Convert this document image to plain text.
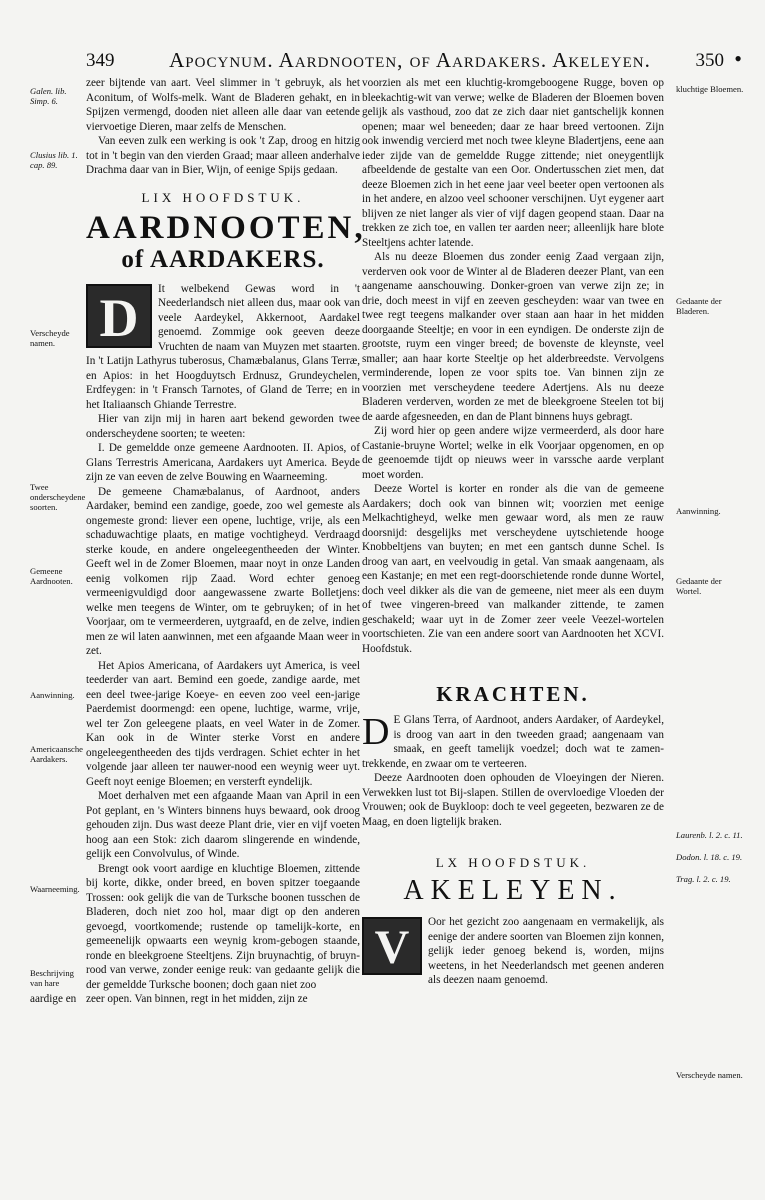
349	Apocynum. Aardnooten, of Aardakers. Akeleyen.	350 •

zeer bijtende van aart. Veel slimmer in 't gebruyk, als het Aconitum, of Wolfs-melk. Want de Bladeren gehakt, en in Spijzen vermengd, dooden niet alleen alle daar van eetende viervoetige Dieren, maar zelfs de Menschen.

Van eeven zulk een werking is ook 't Zap, droog en hitzig tot in 't begin van den vierden Graad; maar alleen anderhalve Drachma daar van in Bier, Wijn, of eenige Spijs gedaan.

LIX HOOFDSTUK.
AARDNOOTEN,
of AARDAKERS.
D	It welbekend Gewas word in 't Neederlandsch niet alleen dus, maar ook van veele Aardeykel, Akkernoot, Aardakel genoemd. Zommige ook geeven deeze Vruchten de naam van Muyzen met staarten. In 't Latijn Lathyrus tuberosus, Chamæbalanus, Glans Terræ, en Apios: in het Hoogduytsch Erdnusz, Grundeychelen, Erdfeygen: in 't Fransch Tarnotes, of Gland de Terre; en in het Italiaansch Ghiande Terrestre.

Hier van zijn mij in haren aart bekend geworden twee onderscheydene soorten; te weeten:

I. De gemeldde onze gemeene Aardnooten. II. Apios, of Glans Terrestris Americana, Aardakers uyt America. Beyde zijn ze van eeven de zelve Bouwing en Waarneeming.

De gemeene Chamæbalanus, of Aardnoot, anders Aardaker, bemind een zandige, goede, zoo wel gemeste als ongemeste grond: liever een opene, luchtige, vrije, als een schaduwachtige plaats, en matige vochtigheyd. Verdraagd sterke koude, en andere ongeleegentheeden der Winter. Geeft wel in de Zomer Bloemen, maar noyt in onze Landen eenig volkomen rijp Zaad. Word echter genoeg vermeenigvuldigd door aangewassene zwarte Bolletjens: welke men teegens de Winter, om te gebruyken; of in het Voorjaar, om te vermeerderen, uytgraafd, en de zelve, indien men ze wil laten aanwinnen, met een afgaande Maan weer in zet.

Het Apios Americana, of Aardakers uyt America, is veel teederder van aart. Bemind een goede, zandige aarde, met een deel twee-jarige Koeye- en eeven zoo veel een-jarige Paerdemist doormengd: een opene, luchtige, warme, vrije, wel ter Zon geleegene plaats, en veel Water in de Zomer. Kan ook in de Winter sterke Vorst en andere ongeleegentheeden des tijds verdragen. Schiet echter in het volgende jaar alleen ter nauwer-nood een weynig weer uyt. Geeft noyt eenige Bloemen; en versterft eyndelijk.

Moet derhalven met een afgaande Maan van April in een Pot geplant, en 's Winters binnens huys bewaard, ook droog gehouden zijn. Dus wast deeze Plant drie, vier en vijf voeten hoog aan een Stok: zich daarom slingerende en windende, gelijk een Convolvulus, of Winde.

Brengt ook voort aardige en kluchtige Bloemen, zittende bij korte, dikke, onder breed, en boven spitzer toegaande Trossen: ook gelijk die van de Turksche boonen tusschen de Bladeren, doch niet zoo hol, maar digt op den anderen gevoegd, voortkomende; rustende op tamelijk-korte, en gemeenelijk opwaarts een weynig krom-gebogen staande, ronde en bleekgroene Steeltjens. Zijn bruynachtig, of bruyn-rood van verwe, zonder eenige reuk: van gedaante gelijk die der gemeldde Turksche boonen; doch gaan niet zoo

aardige en zeer open. Van binnen, regt in het midden, zijn ze

voorzien als met een kluchtig-kromgeboogene Rugge, boven op bleekachtig-wit van verwe; welke de Bladeren der Bloemen boven gelijk als vasthoud, zoo dat ze zich daar niet gantschelijk konnen openen; maar wel beneeden; daar ze haar breed vertoonen. Zijn ook inwendig vercierd met noch twee kleyne Bladertjens, eene aan ieder zijde van de gemeldde Rugge zittende; niet oneygentlijk afbeeldende de gestalte van een Oor. Ondertusschen ziet men, dat deeze Bloemen zich in het eene jaar veel beeter open vertoonen als in het andere, en alzoo veel schooner verschijnen. Uyt eygener aart blijven ze niet langer als vier of vijf dagen geopend staan. Daar na trekken ze zich toe, en vallen ter aarden neer; alleenlijk hare blote Steeltjens achter latende.

Als nu deeze Bloemen dus zonder eenig Zaad vergaan zijn, verderven ook voor de Winter al de Bladeren deezer Plant, van een aangename aanschouwing. Donker-groen van verwe zijn ze; in drie, doch meest in vijf en zeeven gescheyden: waar van twee en twee regt teegens malkander over staan aan haar in het midden doorgaande Steeltje; en voor in een eyndigen. De onderste zijn de grootste, ruym een vinger breed; de bovenste de kleynste, veel smaller; aan haar korte Steeltje op het alderbreedste. Vervolgens verminderende, lopen ze voor spits toe. Van binnen zijn ze voorzien met verscheydene teedere Adertjens. Als nu deeze Bladeren verderven, worden ze met de bleekgroene Steelen tot bij de aarde afgesneeden, en dan de Plant binnens huys gebragt.

Zij word hier op geen andere wijze vermeerderd, als door hare Castanie-bruyne Wortel; welke in elk Voorjaar opgenomen, en op de geenoemde tijdt op nieuws weer in varssche aarde verplant moet worden.

Deeze Wortel is korter en ronder als die van de gemeene Aardakers; doch ook van binnen wit; voorzien met eenige Melkachtigheyd, welke men gewaar word, als men ze rauw doorsnijd: desgelijks met verscheydene uytschietende hooge Knobbeltjens van buyten; en met een gantsch dunne Schel. Is droog van aart, en veelvoudig in getal. Van smaak aangenaam, als een Kastanje; en met een regt-doorschietende ronde dunne Wortel, doch veel dikker als die van de gemeene, niet meer als een duym of twee vingeren-breed van malkander zittende, te zamen geschakeld; waar uyt in de Zomer zeer veele Veezel-wortelen voortschieten. Zie van een andere soort van Aardnooten het XCVI. Hoofdstuk.

KRACHTEN.
D E Glans Terra, of Aardnoot, anders Aardaker, of Aardeykel, is droog van aart in den tweeden graad; aangenaam van smaak, en geeft tamelijk voedzel; doch wat te zamen-trekkende, en zwaar om te verteeren.

Deeze Aardnooten doen ophouden de Vloeyingen der Nieren. Verwekken lust tot Bij-slapen. Stillen de overvloedige Vloeden der Vrouwen; ook de Buykloop: doch te veel gegeeten, bezwaren ze de Maag, en doen ligtelijk braken.

LX HOOFDSTUK.
AKELEYEN.
V	Oor het gezicht zoo aangenaam en vermakelijk, als eenige der andere soorten van Bloemen zijn konnen, gelijk ieder genoeg bekend is, worden, mijns weetens, in het Neederlandsch met geenen anderen als deezen naam genoemd.

Galen. lib. Simp. 6.
Clusius lib. 1. cap. 89.
Verscheyde namen.
Twee onderscheydene soorten.
Gemeene Aardnooten.
Aanwinning.
Americaansche Aardakers.
Waarneeming.
Beschrijving van hare
kluchtige Bloemen.
Gedaante der Bladeren.
Aanwinning.
Gedaante der Wortel.
Laurenb. l. 2. c. 11.
Dodon. l. 18. c. 19.
Trag. l. 2. c. 19.
Verscheyde namen.
